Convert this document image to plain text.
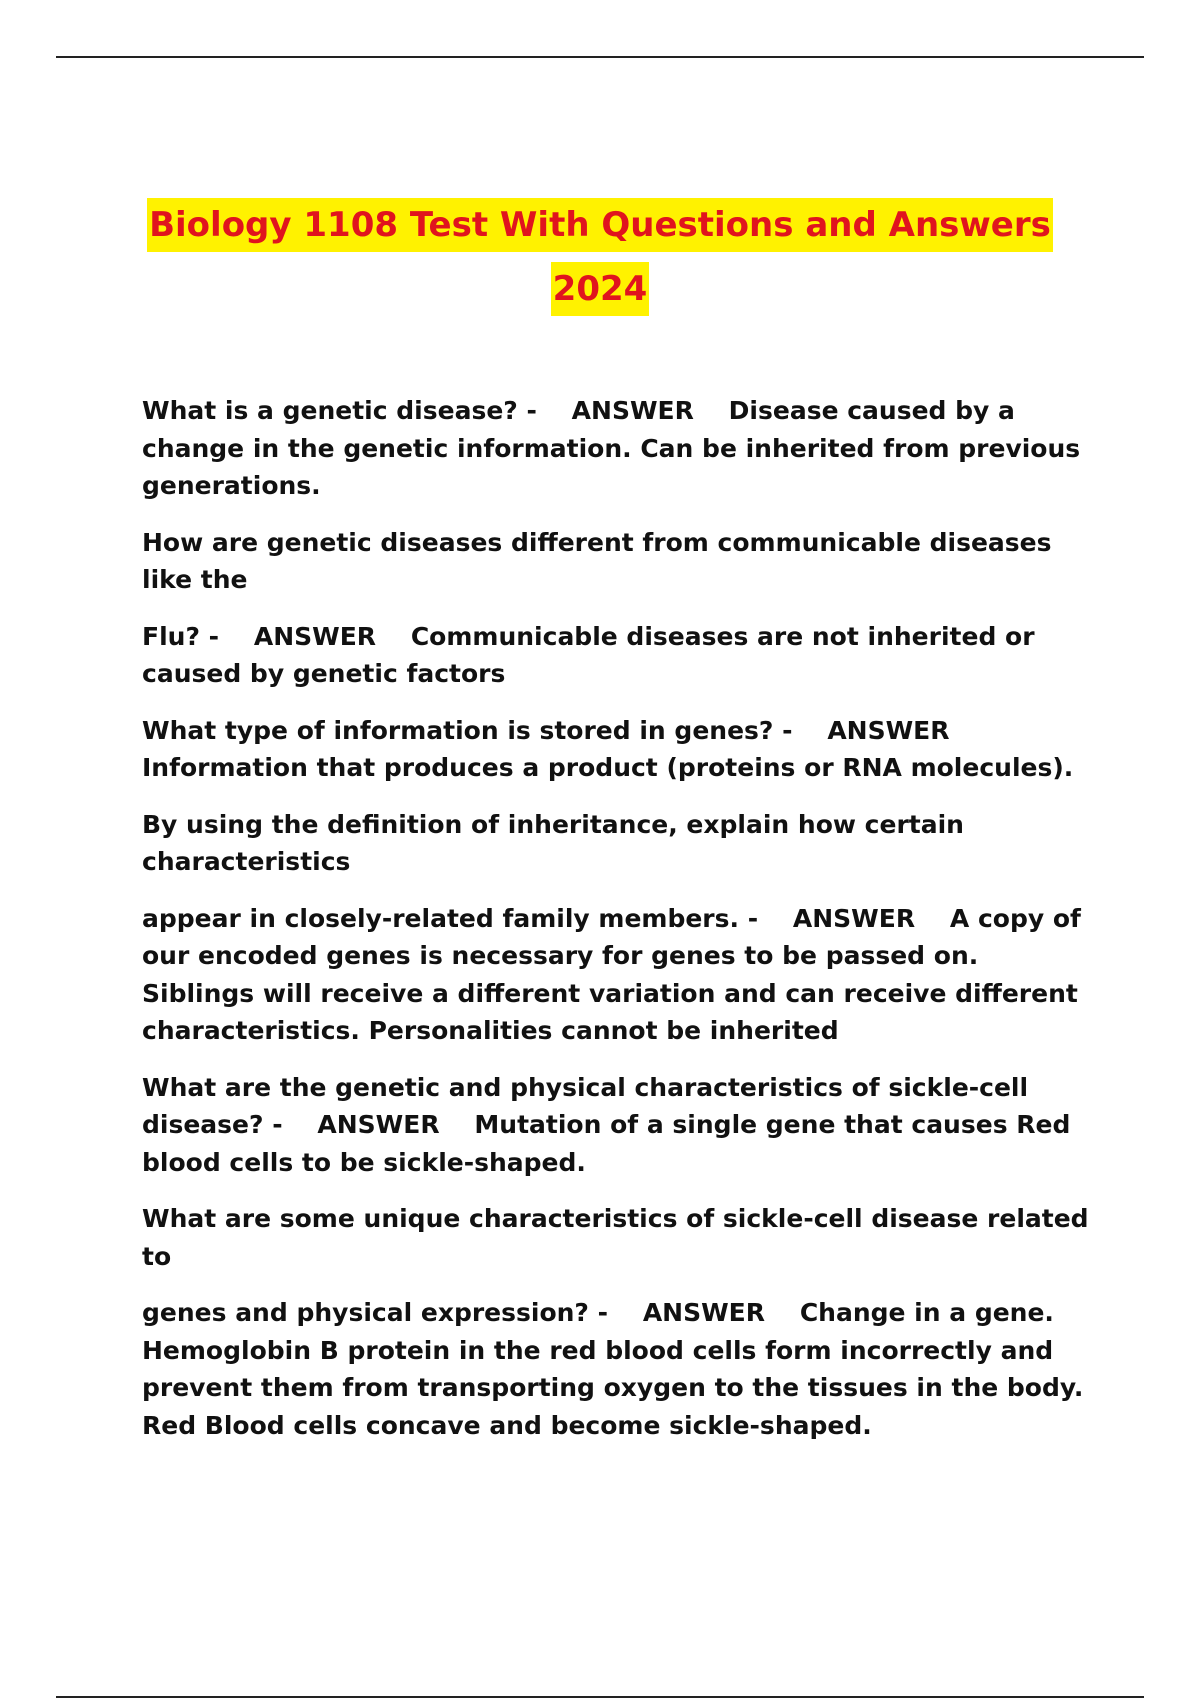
Biology 1108 Test With Questions and Answers
2024

What is a genetic disease? -    ANSWER    Disease caused by a change in the genetic information. Can be inherited from previous generations.

How are genetic diseases different from communicable diseases like the

Flu? -    ANSWER    Communicable diseases are not inherited or caused by genetic factors

What type of information is stored in genes? -    ANSWER    Information that produces a product (proteins or RNA molecules).

By using the definition of inheritance, explain how certain characteristics

appear in closely-related family members. -    ANSWER    A copy of our encoded genes is necessary for genes to be passed on. Siblings will receive a different variation and can receive different characteristics. Personalities cannot be inherited

What are the genetic and physical characteristics of sickle-cell disease? -    ANSWER    Mutation of a single gene that causes Red blood cells to be sickle-shaped.

What are some unique characteristics of sickle-cell disease related to

genes and physical expression? -    ANSWER    Change in a gene. Hemoglobin B protein in the red blood cells form incorrectly and prevent them from transporting oxygen to the tissues in the body. Red Blood cells concave and become sickle-shaped.
